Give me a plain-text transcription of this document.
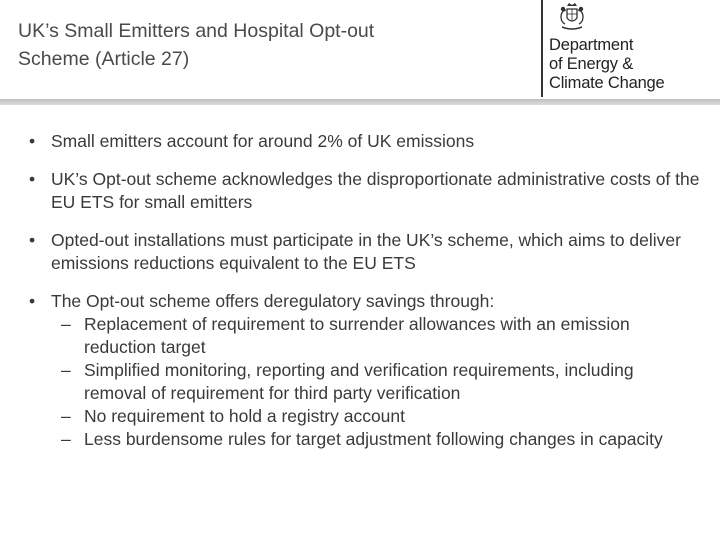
UK’s Small Emitters and Hospital Opt-out
Scheme (Article 27)
Department
of Energy &
Climate Change
• Small emitters account for around 2% of UK emissions
• UK’s Opt-out scheme acknowledges the disproportionate administrative costs of the EU ETS for small emitters
• Opted-out installations must participate in the UK’s scheme, which aims to deliver emissions reductions equivalent to the EU ETS
• The Opt-out scheme offers deregulatory savings through:
– Replacement of requirement to surrender allowances with an emission reduction target
– Simplified monitoring, reporting and verification requirements, including removal of requirement for third party verification
– No requirement to hold a registry account
– Less burdensome rules for target adjustment following changes in capacity
